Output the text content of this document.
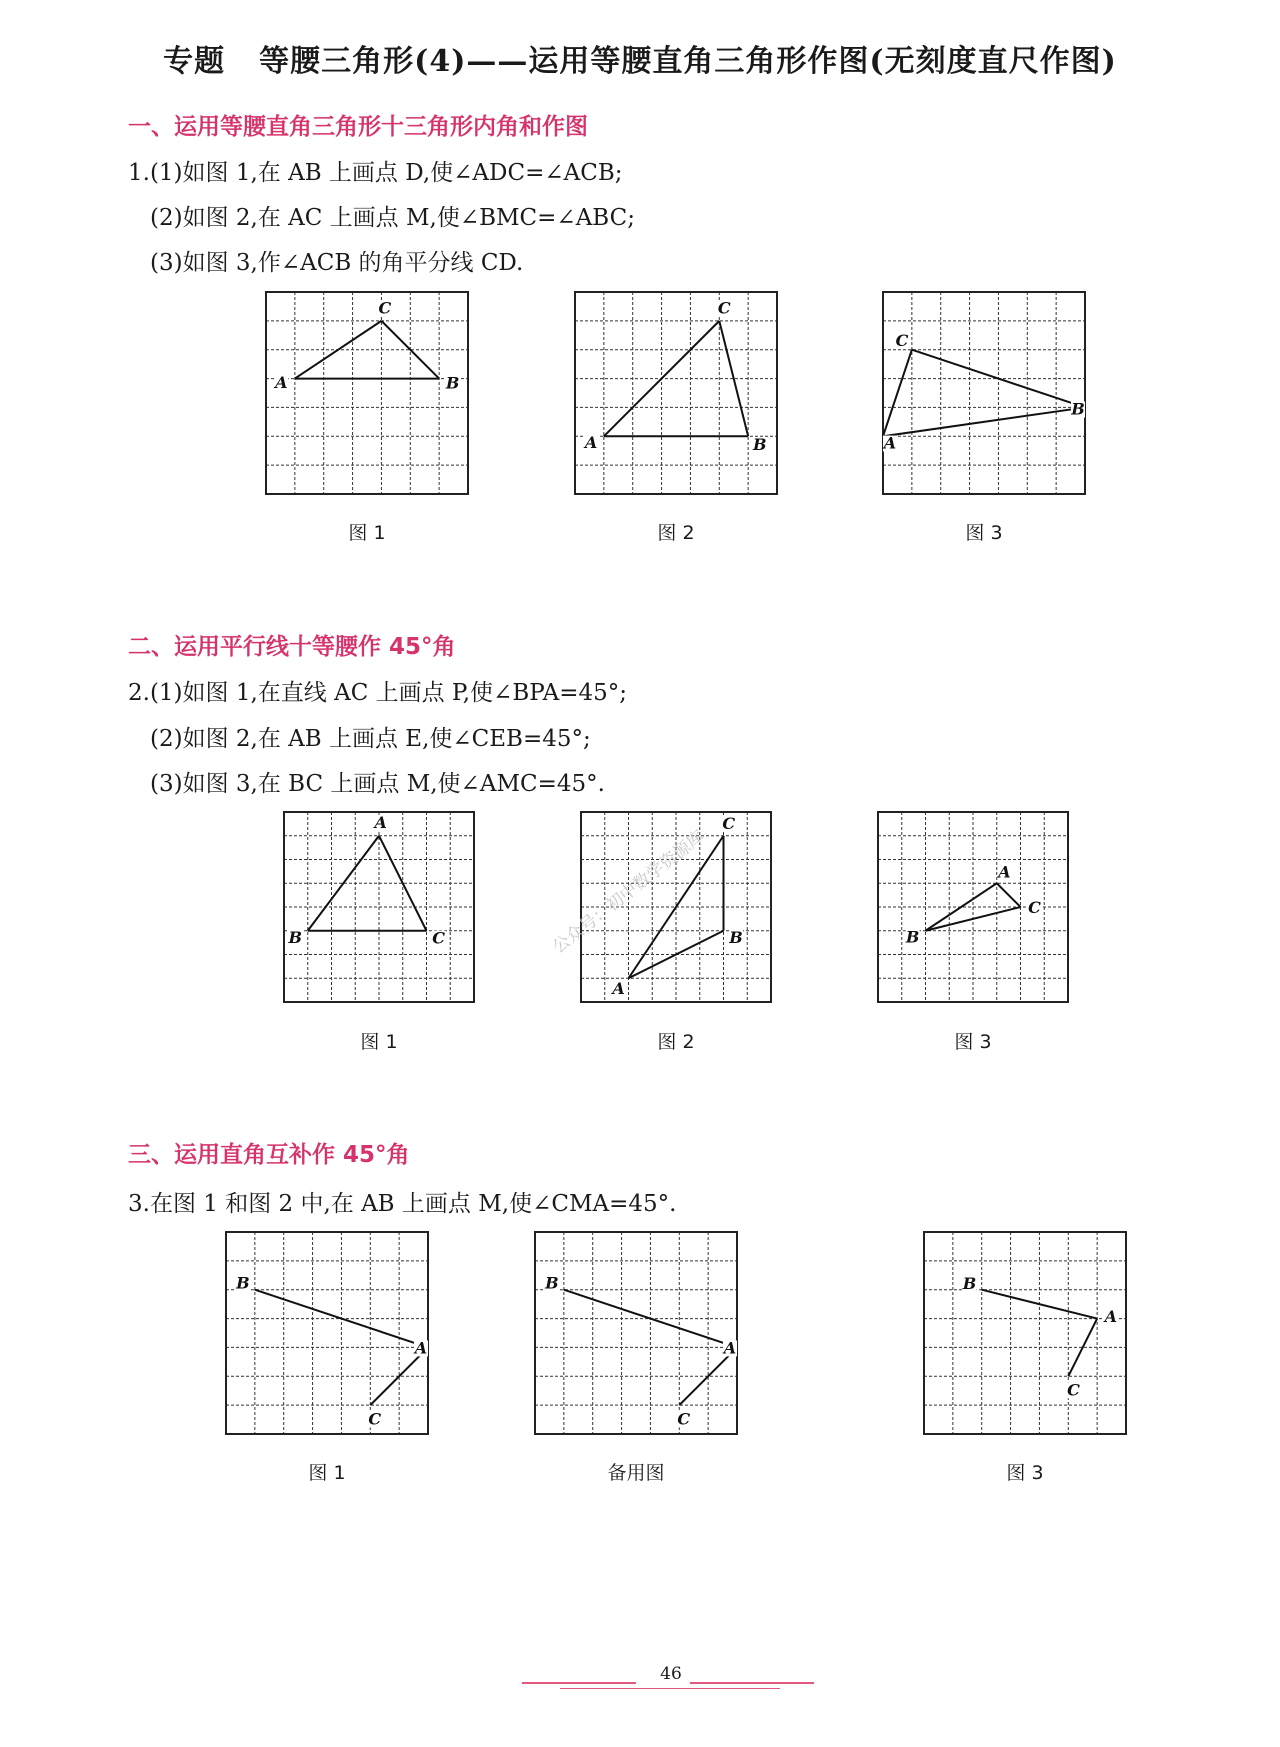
专题 等腰三角形(4)——运用等腰直角三角形作图(无刻度直尺作图)
一、运用等腰直角三角形十三角形内角和作图
1.(1)如图 1,在 AB 上画点 D,使∠ADC=∠ACB;
(2)如图 2,在 AC 上画点 M,使∠BMC=∠ABC;
(3)如图 3,作∠ACB 的角平分线 CD.
A	B
C
A	B
C
A
B
C
图 1	图 2	图 3
二、运用平行线十等腰作 45°角
2.(1)如图 1,在直线 AC 上画点 P,使∠BPA=45°;
(2)如图 2,在 AB 上画点 E,使∠CEB=45°;
(3)如图 3,在 BC 上画点 M,使∠AMC=45°.
A
B	C
A
B
C
A
B
C
图 1	图 2	图 3
公众号：初中数学资源库
三、运用直角互补作 45°角
3.在图 1 和图 2 中,在 AB 上画点 M,使∠CMA=45°.
A
B
C
A
B
C
A
B
C
图 1	备用图	图 3
46
